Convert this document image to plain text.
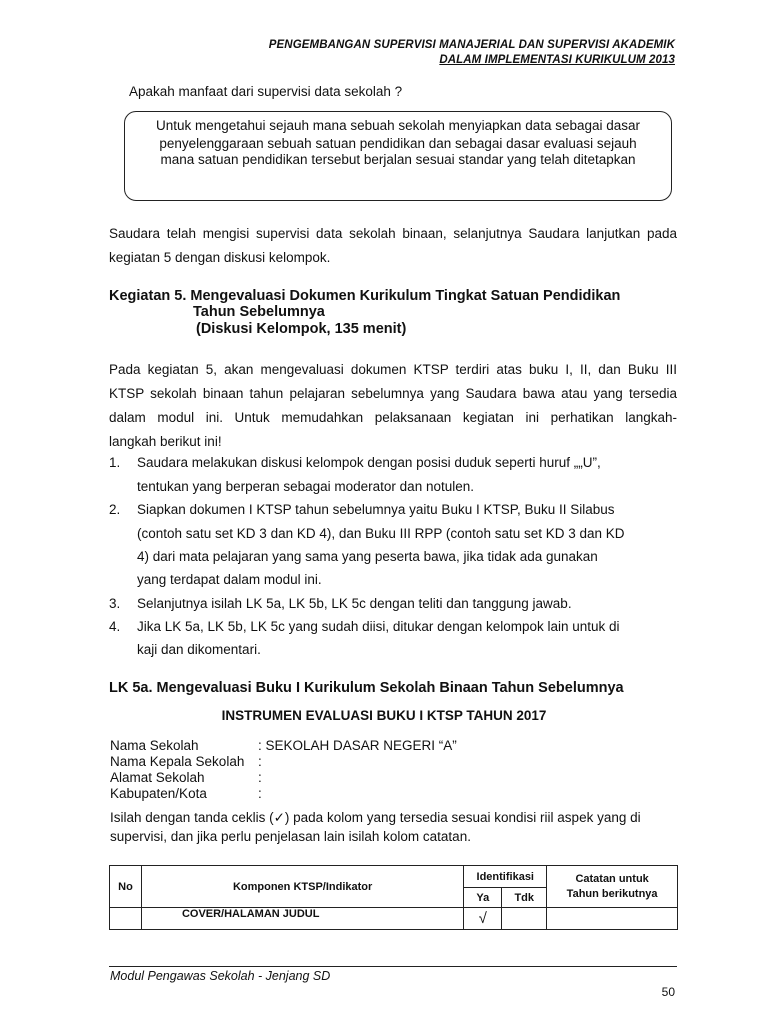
PENGEMBANGAN SUPERVISI MANAJERIAL DAN SUPERVISI AKADEMIK
DALAM IMPLEMENTASI KURIKULUM 2013
Apakah manfaat dari supervisi data sekolah ?
Untuk mengetahui sejauh mana sebuah sekolah menyiapkan data sebagai dasar
penyelenggaraan sebuah satuan pendidikan dan sebagai dasar evaluasi sejauh
mana satuan pendidikan tersebut berjalan sesuai standar yang telah ditetapkan
Saudara telah mengisi supervisi data sekolah binaan, selanjutnya Saudara lanjutkan pada
kegiatan 5 dengan diskusi kelompok.
Kegiatan 5. Mengevaluasi Dokumen Kurikulum Tingkat Satuan Pendidikan
Tahun Sebelumnya
(Diskusi Kelompok, 135 menit)
Pada kegiatan 5, akan mengevaluasi dokumen KTSP terdiri atas buku I, II, dan Buku III
KTSP sekolah binaan tahun pelajaran sebelumnya yang Saudara bawa atau yang tersedia
dalam modul ini. Untuk memudahkan pelaksanaan kegiatan ini perhatikan langkah-
langkah berikut ini!
1. Saudara melakukan diskusi kelompok dengan posisi duduk seperti huruf „„U”,
tentukan yang berperan sebagai moderator dan notulen.
2. Siapkan dokumen I KTSP tahun sebelumnya yaitu Buku I KTSP, Buku II Silabus
(contoh satu set KD 3 dan KD 4), dan Buku III RPP (contoh satu set KD 3 dan KD
4) dari mata pelajaran yang sama yang peserta bawa, jika tidak ada gunakan
yang terdapat dalam modul ini.
3. Selanjutnya isilah LK 5a, LK 5b, LK 5c dengan teliti dan tanggung jawab.
4. Jika LK 5a, LK 5b, LK 5c yang sudah diisi, ditukar dengan kelompok lain untuk di
kaji dan dikomentari.
LK 5a. Mengevaluasi Buku I Kurikulum Sekolah Binaan Tahun Sebelumnya
INSTRUMEN EVALUASI BUKU I KTSP TAHUN 2017
Nama Sekolah	: SEKOLAH DASAR NEGERI “A”
Nama Kepala Sekolah :
Alamat Sekolah	:
Kabupaten/Kota	:
Isilah dengan tanda ceklis (✓) pada kolom yang tersedia sesuai kondisi riil aspek yang di
supervisi, dan jika perlu penjelasan lain isilah kolom catatan.
No	Komponen KTSP/Indikator	Identifikasi		Catatan untuk
Tahun berikutnya

		Ya	Tdk	
	COVER/HALAMAN JUDUL	√		
Modul Pengawas Sekolah - Jenjang SD
50
